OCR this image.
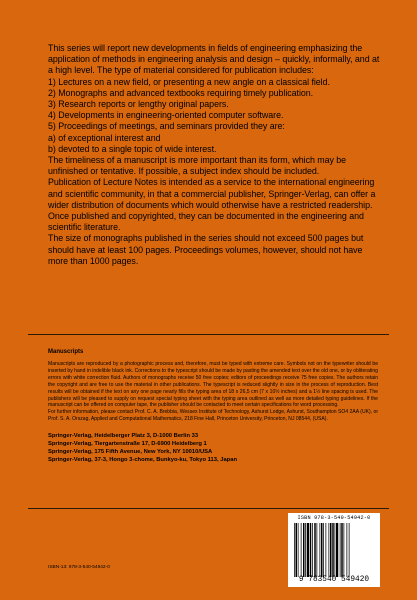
This series will report new developments in fields of engineering emphasizing the application of methods in engineering analysis and design – quickly, informally, and at a high level. The type of material considered for publication includes:

1) Lectures on a new field, or presenting a new angle on a classical field.

2) Monographs and advanced textbooks requiring timely publication.

3) Research reports or lengthy original papers.

4) Developments in engineering-oriented computer software.

5) Proceedings of meetings, and seminars provided they are:

a) of exceptional interest and

b) devoted to a single topic of wide interest.

The timeliness of a manuscript is more important than its form, which may be unfinished or tentative. If possible, a subject index should be included.

Publication of Lecture Notes is intended as a service to the international engineering and scientific community, in that a commercial publisher, Springer-Verlag, can offer a wider distribution of documents which would otherwise have a restricted readership. Once published and copyrighted, they can be documented in the engineering and scientific literature.

The size of monographs published in the series should not exceed 500 pages but should have at least 100 pages. Proceedings volumes, however, should not have more than 1000 pages.

Manuscripts

Manuscripts are reproduced by a photographic process and, therefore, must be typed with extreme care. Symbols not on the typewriter should be inserted by hand in indelible black ink. Corrections to the typescript should be made by pasting the amended text over the old one, or by obliterating errors with white correction fluid. Authors of monographs receive 50 free copies; editors of proceedings receive 75 free copies. The authors retain the copyright and are free to use the material in other publications. The typescript is reduced slightly in size in the process of reproduction. Best results will be obtained if the text on any one page nearly fills the typing area of 18 x 26,5 cm (7 x 10½ inches) and a 1½ line spacing is used. The publishers will be pleased to supply on request special typing sheet with the typing area outlined as well as more detailed typing guidelines. If the manuscript can be offered on computer tape, the publisher should be contacted to meet certain specifications for word processing.

For further information, please contact Prof. C. A. Brebbia, Wessex Institute of Technology, Ashurst Lodge, Ashurst, Southampton SO4 2AA (UK), or Prof. S. A. Orszag, Applied and Computational Mathematics, 218 Fine Hall, Princeton University, Princeton, NJ 08544, (USA).

Springer-Verlag, Heidelberger Platz 3, D-1000 Berlin 33
Springer-Verlag, Tiergartenstraße 17, D-6900 Heidelberg 1
Springer-Verlag, 175 Fifth Avenue, New York, NY 10010/USA
Springer-Verlag, 37-3, Hongo 3-chome, Bunkyo-ku, Tokyo 113, Japan
ISBN 978-3-540-54942-0
9 783540 549420
ISBN-13: 978-3-540-54942-0
